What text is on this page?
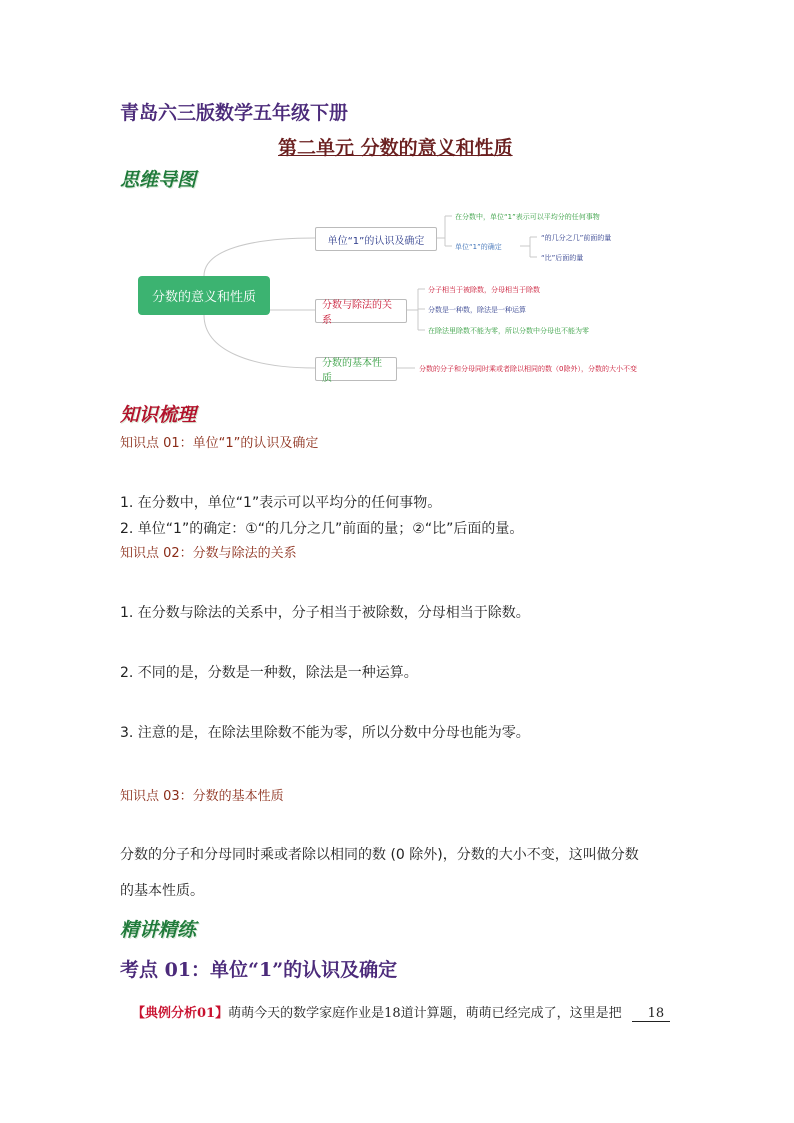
青岛六三版数学五年级下册
第二单元 分数的意义和性质
思维导图
分数的意义和性质
单位“1”的认识及确定
分数与除法的关系
分数的基本性质
在分数中，单位“1”表示可以平均分的任何事物
单位“1”的确定
“的几分之几”前面的量
“比”后面的量
分子相当于被除数，分母相当于除数
分数是一种数，除法是一种运算
在除法里除数不能为零，所以分数中分母也不能为零
分数的分子和分母同时乘或者除以相同的数（0除外），分数的大小不变
知识梳理
知识点 01：单位“1”的认识及确定
1. 在分数中，单位“1”表示可以平均分的任何事物。
2. 单位“1”的确定：①“的几分之几”前面的量；②“比”后面的量。
知识点 02：分数与除法的关系
1. 在分数与除法的关系中，分子相当于被除数，分母相当于除数。
2. 不同的是，分数是一种数，除法是一种运算。
3. 注意的是，在除法里除数不能为零，所以分数中分母也能为零。
知识点 03：分数的基本性质
分数的分子和分母同时乘或者除以相同的数 (0 除外)，分数的大小不变，这叫做分数
的基本性质。
精讲精练
考点 01：单位“1”的认识及确定
【典例分析01】萌萌今天的数学家庭作业是18道计算题，萌萌已经完成了，这里是把 18
